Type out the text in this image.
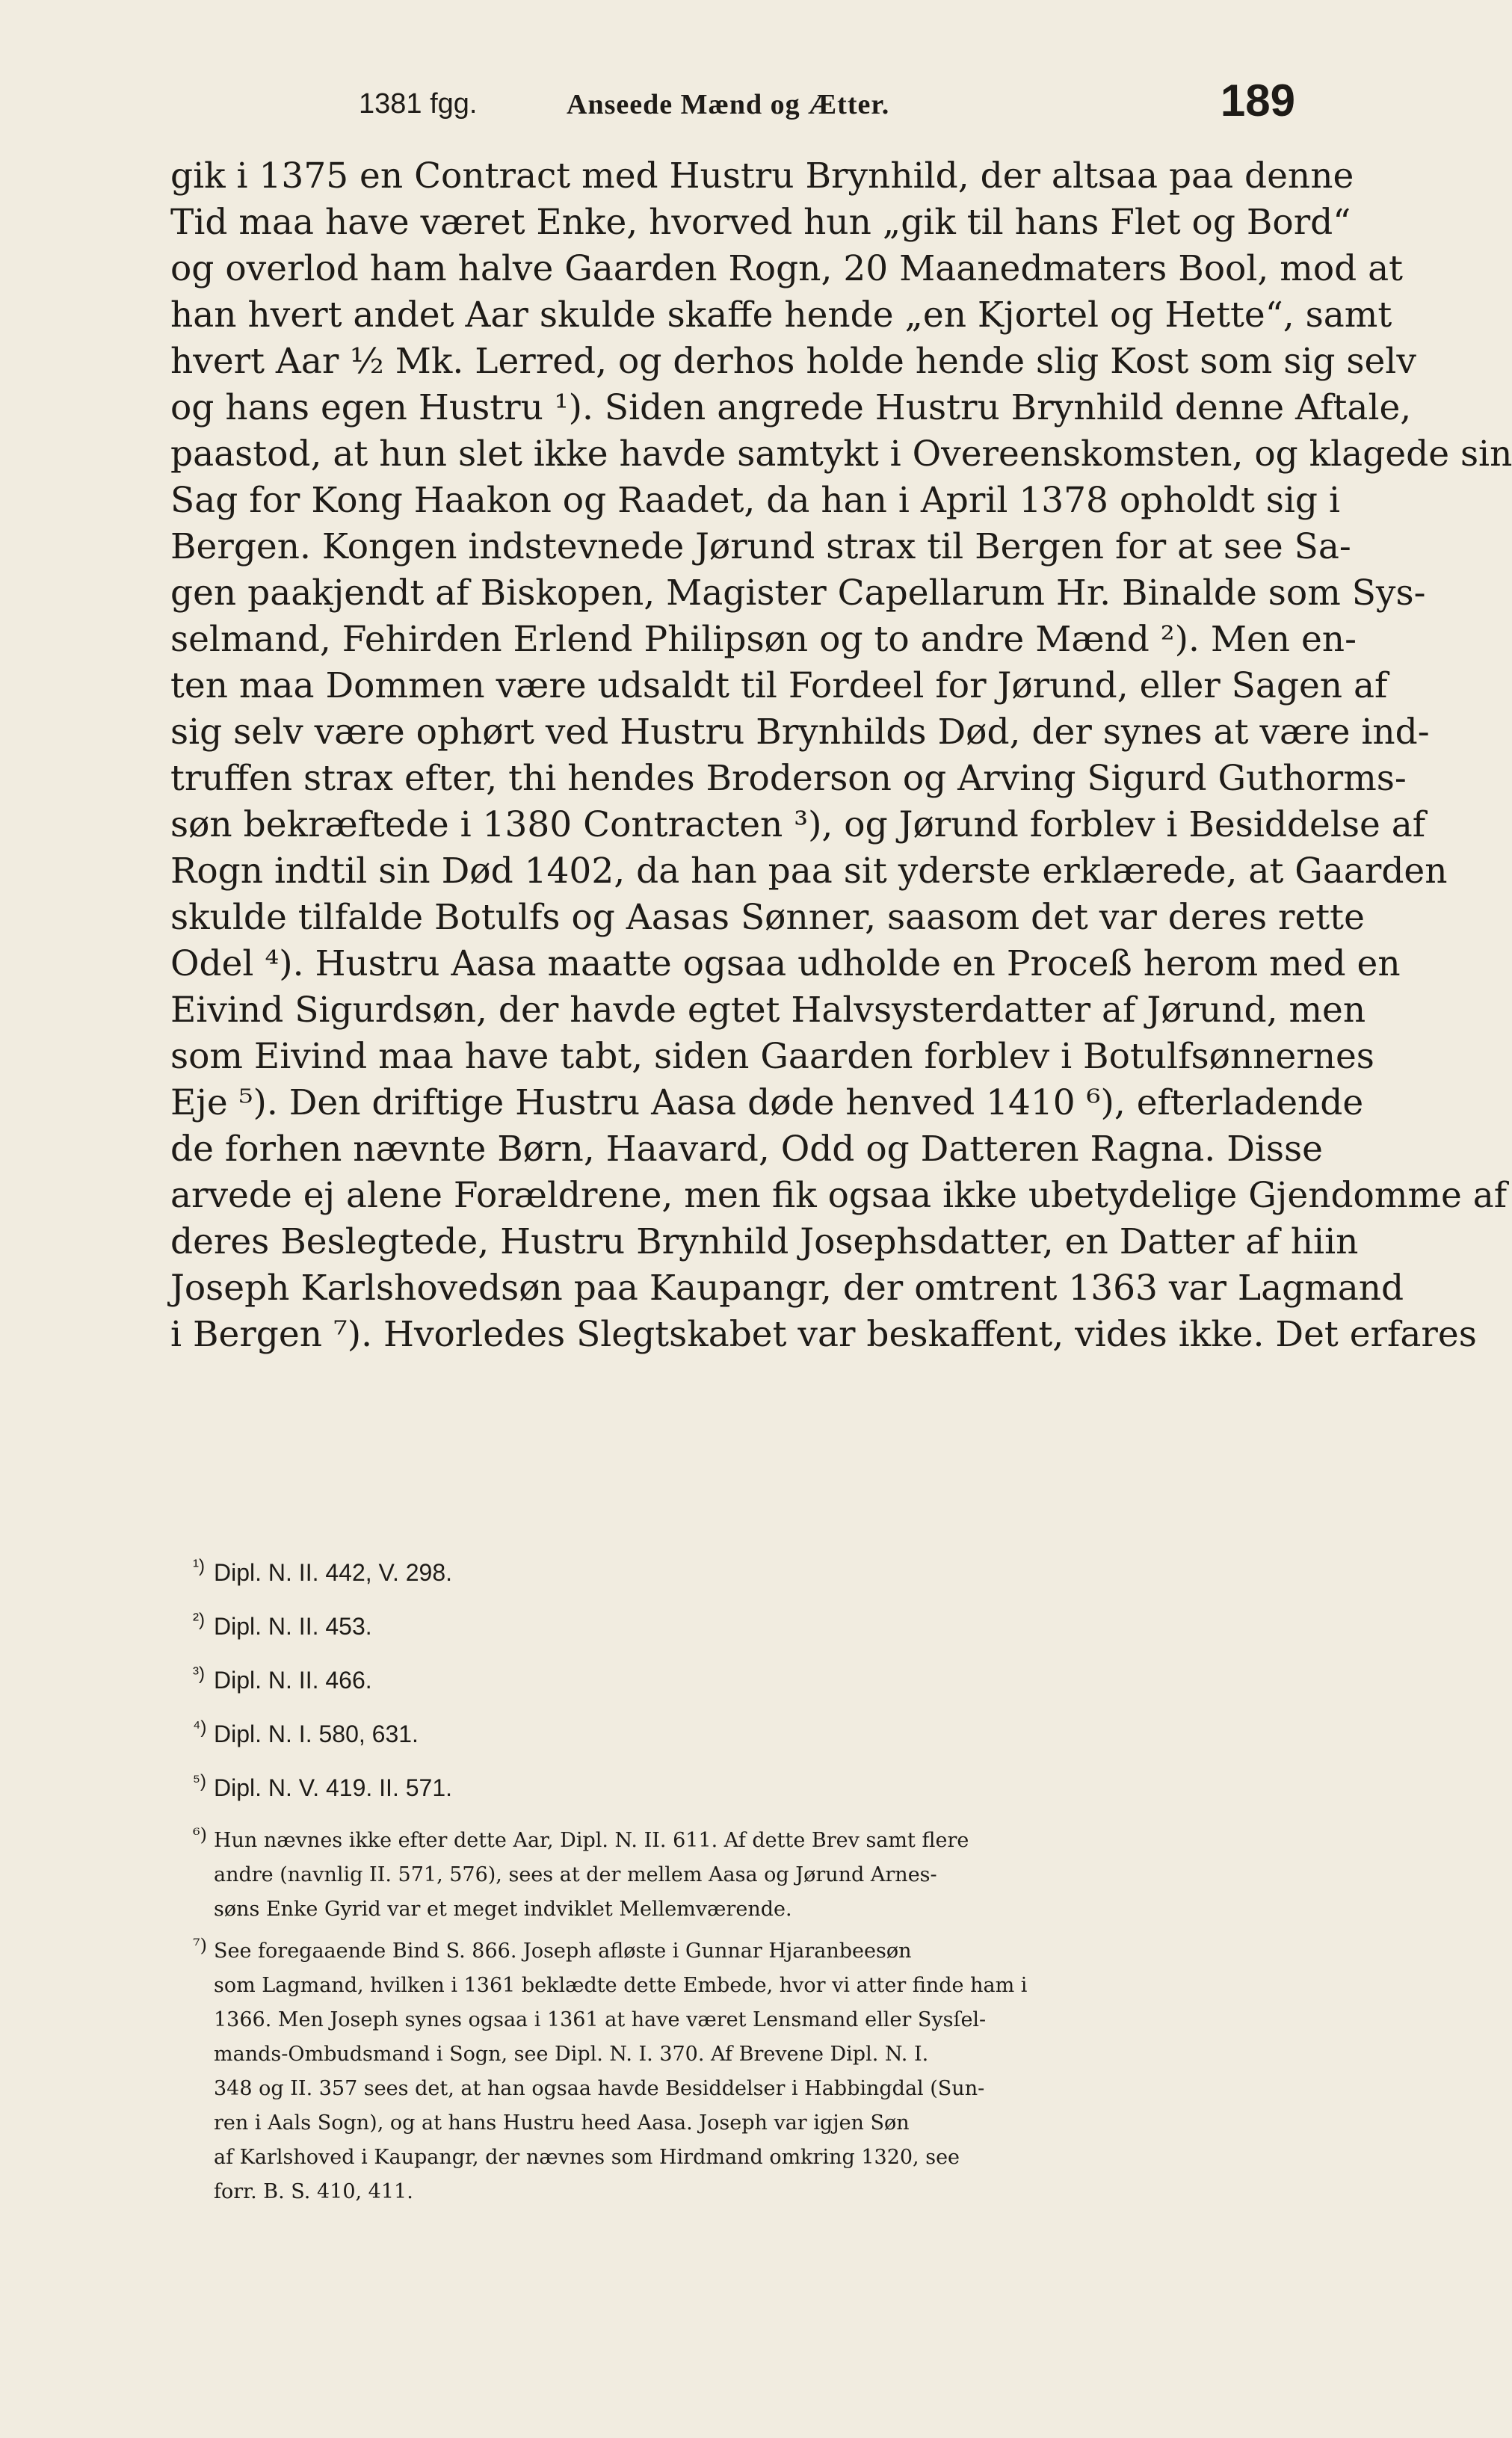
1381 fgg.	Anseede Mænd og Ætter.	189
gik i 1375 en Contract med Hustru Brynhild, der altsaa paa denne
Tid maa have været Enke, hvorved hun „gik til hans Flet og Bord“
og overlod ham halve Gaarden Rogn, 20 Maanedmaters Bool, mod at
han hvert andet Aar skulde skaffe hende „en Kjortel og Hette“, samt
hvert Aar ½ Mk. Lerred, og derhos holde hende slig Kost som sig selv
og hans egen Hustru ¹). Siden angrede Hustru Brynhild denne Aftale,
paastod, at hun slet ikke havde samtykt i Overeenskomsten, og klagede sin
Sag for Kong Haakon og Raadet, da han i April 1378 opholdt sig i
Bergen. Kongen indstevnede Jørund strax til Bergen for at see Sa-
gen paakjendt af Biskopen, Magister Capellarum Hr. Binalde som Sys-
selmand, Fehirden Erlend Philipsøn og to andre Mænd ²). Men en-
ten maa Dommen være udsaldt til Fordeel for Jørund, eller Sagen af
sig selv være ophørt ved Hustru Brynhilds Død, der synes at være ind-
truffen strax efter, thi hendes Broderson og Arving Sigurd Guthorms-
søn bekræftede i 1380 Contracten ³), og Jørund forblev i Besiddelse af
Rogn indtil sin Død 1402, da han paa sit yderste erklærede, at Gaarden
skulde tilfalde Botulfs og Aasas Sønner, saasom det var deres rette
Odel ⁴). Hustru Aasa maatte ogsaa udholde en Proceß herom med en
Eivind Sigurdsøn, der havde egtet Halvsysterdatter af Jørund, men
som Eivind maa have tabt, siden Gaarden forblev i Botulfsønnernes
Eje ⁵). Den driftige Hustru Aasa døde henved 1410 ⁶), efterladende
de forhen nævnte Børn, Haavard, Odd og Datteren Ragna. Disse
arvede ej alene Forældrene, men fik ogsaa ikke ubetydelige Gjendomme af
deres Beslegtede, Hustru Brynhild Josephsdatter, en Datter af hiin
Joseph Karlshovedsøn paa Kaupangr, der omtrent 1363 var Lagmand
i Bergen ⁷). Hvorledes Slegtskabet var beskaffent, vides ikke. Det erfares
¹) Dipl. N. II. 442, V. 298.
²) Dipl. N. II. 453.
³) Dipl. N. II. 466.
⁴) Dipl. N. I. 580, 631.
⁵) Dipl. N. V. 419. II. 571.
⁶) Hun nævnes ikke efter dette Aar, Dipl. N. II. 611. Af dette Brev samt flere
andre (navnlig II. 571, 576), sees at der mellem Aasa og Jørund Arnes-
søns Enke Gyrid var et meget indviklet Mellemværende.
⁷) See foregaaende Bind S. 866. Joseph afløste i Gunnar Hjaranbeesøn
som Lagmand, hvilken i 1361 beklædte dette Embede, hvor vi atter finde ham i
1366. Men Joseph synes ogsaa i 1361 at have været Lensmand eller Sysſel-
mands-Ombudsmand i Sogn, see Dipl. N. I. 370. Af Brevene Dipl. N. I.
348 og II. 357 sees det, at han ogsaa havde Besiddelser i Habbingdal (Sun-
ren i Aals Sogn), og at hans Hustru heed Aasa. Joseph var igjen Søn
af Karlshoved i Kaupangr, der nævnes som Hirdmand omkring 1320, see
forr. B. S. 410, 411.
